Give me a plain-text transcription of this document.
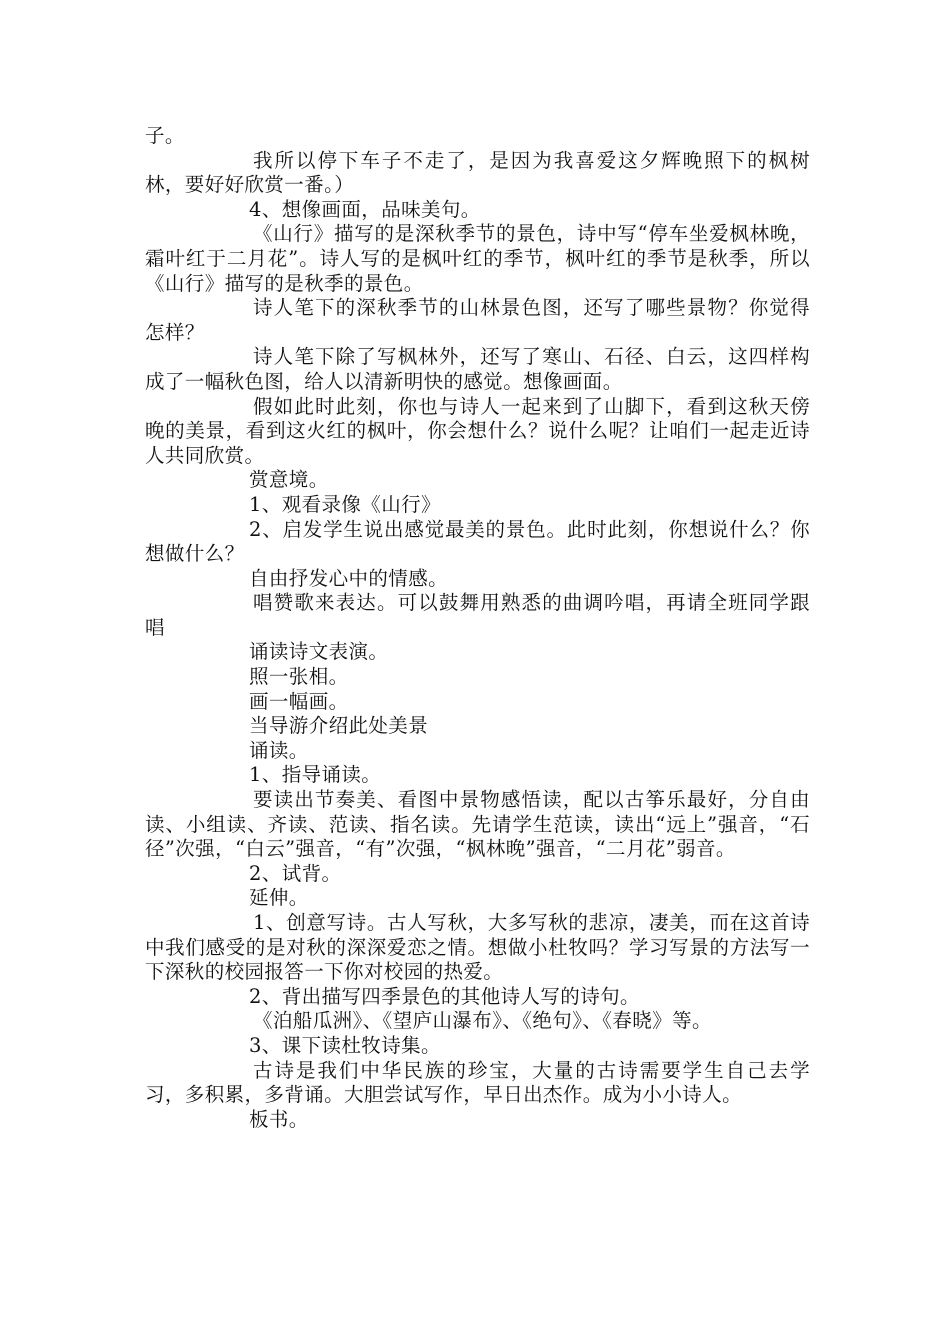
子。

我所以停下车子不走了，是因为我喜爱这夕辉晚照下的枫树林，要好好欣赏一番。）

4、想像画面，品味美句。

《山行》描写的是深秋季节的景色，诗中写“停车坐爱枫林晚，霜叶红于二月花”。诗人写的是枫叶红的季节，枫叶红的季节是秋季，所以《山行》描写的是秋季的景色。

诗人笔下的深秋季节的山林景色图，还写了哪些景物？你觉得怎样？

诗人笔下除了写枫林外，还写了寒山、石径、白云，这四样构成了一幅秋色图，给人以清新明快的感觉。想像画面。

假如此时此刻，你也与诗人一起来到了山脚下，看到这秋天傍晚的美景，看到这火红的枫叶，你会想什么？说什么呢？让咱们一起走近诗人共同欣赏。

赏意境。

1、观看录像《山行》

2、启发学生说出感觉最美的景色。此时此刻，你想说什么？你想做什么？

自由抒发心中的情感。

唱赞歌来表达。可以鼓舞用熟悉的曲调吟唱，再请全班同学跟唱

诵读诗文表演。

照一张相。

画一幅画。

当导游介绍此处美景

诵读。

1、指导诵读。

要读出节奏美、看图中景物感悟读，配以古筝乐最好，分自由读、小组读、齐读、范读、指名读。先请学生范读，读出“远上”强音，“石径”次强，“白云”强音，“有”次强，“枫林晚”强音，“二月花”弱音。

2、试背。

延伸。

1、创意写诗。古人写秋，大多写秋的悲凉，凄美，而在这首诗中我们感受的是对秋的深深爱恋之情。想做小杜牧吗？学习写景的方法写一下深秋的校园报答一下你对校园的热爱。

2、背出描写四季景色的其他诗人写的诗句。

《泊船瓜洲》、《望庐山瀑布》、《绝句》、《春晓》等。

3、课下读杜牧诗集。

古诗是我们中华民族的珍宝，大量的古诗需要学生自己去学习，多积累，多背诵。大胆尝试写作，早日出杰作。成为小小诗人。

板书。
